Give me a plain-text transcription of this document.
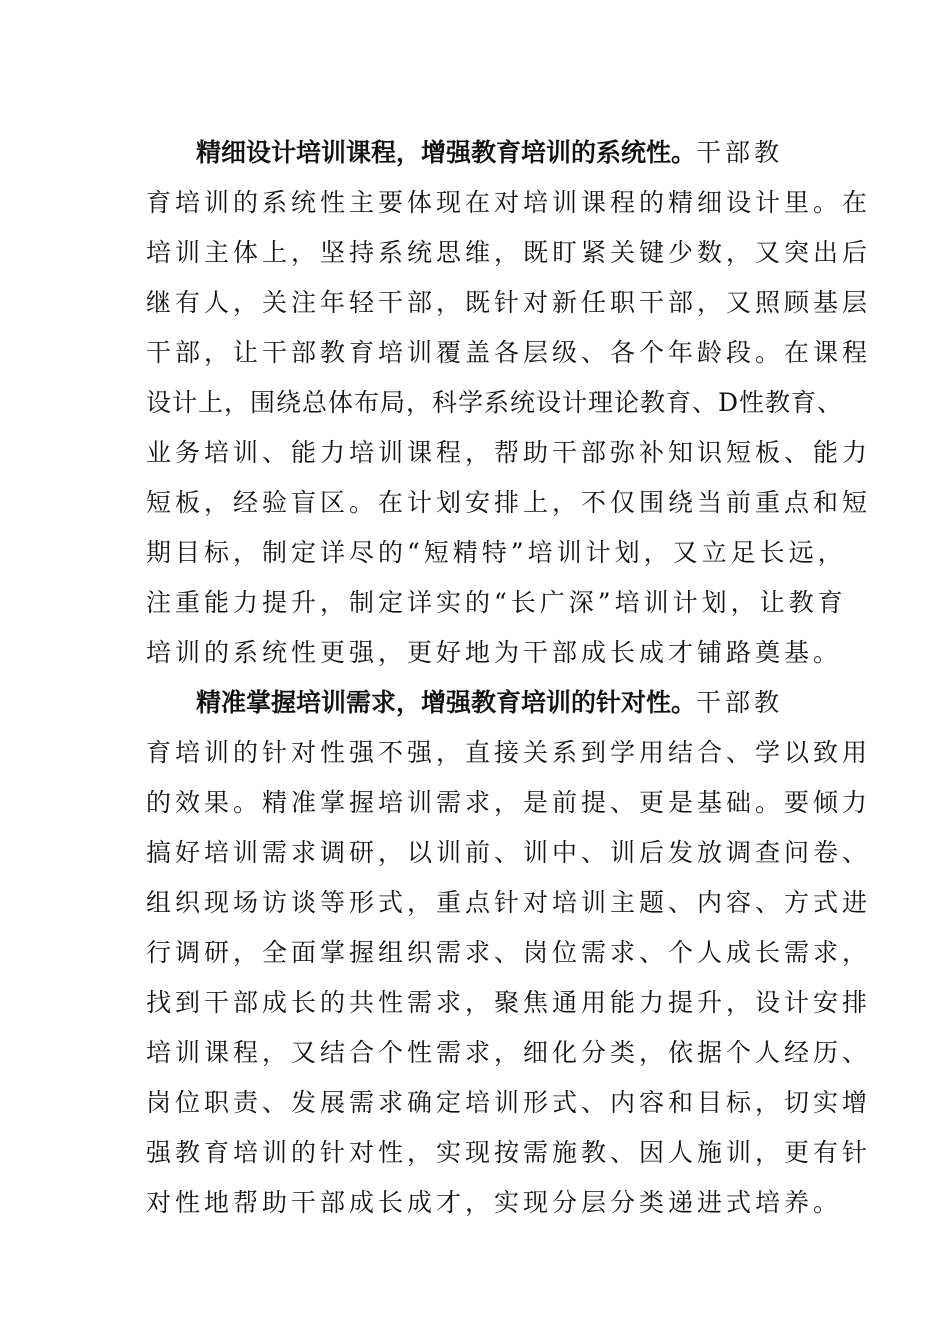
精细设计培训课程，增强教育培训的系统性。干部教
育培训的系统性主要体现在对培训课程的精细设计里。在
培训主体上，坚持系统思维，既盯紧关键少数，又突出后
继有人，关注年轻干部，既针对新任职干部，又照顾基层
干部，让干部教育培训覆盖各层级、各个年龄段。在课程
设计上，围绕总体布局，科学系统设计理论教育、D性教育、
业务培训、能力培训课程，帮助干部弥补知识短板、能力
短板，经验盲区。在计划安排上，不仅围绕当前重点和短
期目标，制定详尽的“短精特”培训计划，又立足长远，
注重能力提升，制定详实的“长广深”培训计划，让教育
培训的系统性更强，更好地为干部成长成才铺路奠基。

精准掌握培训需求，增强教育培训的针对性。干部教
育培训的针对性强不强，直接关系到学用结合、学以致用
的效果。精准掌握培训需求，是前提、更是基础。要倾力
搞好培训需求调研，以训前、训中、训后发放调查问卷、
组织现场访谈等形式，重点针对培训主题、内容、方式进
行调研，全面掌握组织需求、岗位需求、个人成长需求，
找到干部成长的共性需求，聚焦通用能力提升，设计安排
培训课程，又结合个性需求，细化分类，依据个人经历、
岗位职责、发展需求确定培训形式、内容和目标，切实增
强教育培训的针对性，实现按需施教、因人施训，更有针
对性地帮助干部成长成才，实现分层分类递进式培养。
